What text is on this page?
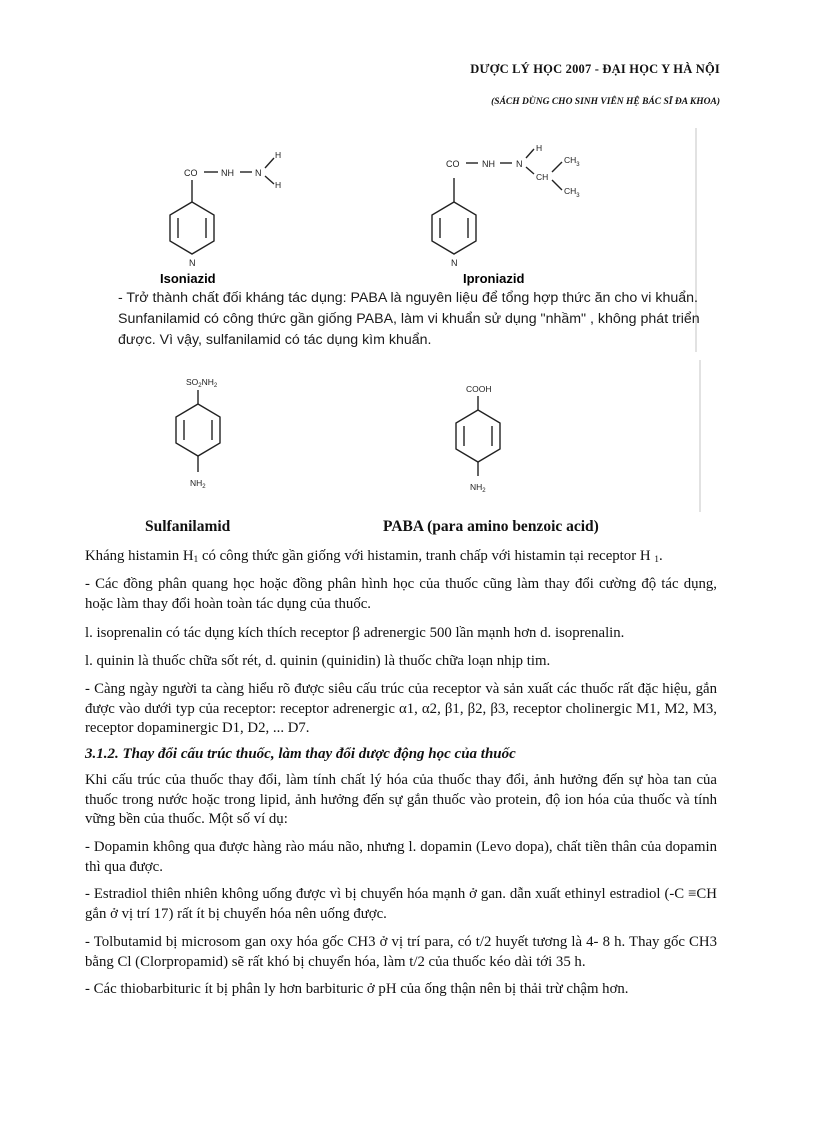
DƯỢC LÝ HỌC 2007 - ĐẠI HỌC Y HÀ NỘI
(SÁCH DÙNG CHO SINH VIÊN HỆ BÁC SĨ ĐA KHOA)
CO	NH N
H
H
N
CO	NH N
H
CH
$CH_3$
$CH_3$
N
Isoniazid	Iproniazid
- Trở thành chất đối kháng tác dụng: PABA là nguyên liệu để tổng hợp thức ăn cho vi khuẩn. Sunfanilamid có công thức gần giống PABA, làm vi khuẩn sử dụng "nhầm" , không phát triển được. Vì vậy, sulfanilamid có tác dụng kìm khuẩn.
$SO_2NH_2$
$NH_2$
COOH
$NH_2$
Sulfanilamid	PABA (para amino benzoic acid)
Kháng histamin $H_1$ có công thức gần giống với histamin, tranh chấp với histamin tại receptor H $_1$.
- Các đồng phân quang học hoặc đồng phân hình học của thuốc cũng làm thay đổi cường độ tác dụng, hoặc làm thay đổi hoàn toàn tác dụng của thuốc.
l. isoprenalin có tác dụng kích thích receptor β adrenergic 500 lần mạnh hơn d. isoprenalin.
l. quinin là thuốc chữa sốt rét, d. quinin (quinidin) là thuốc chữa loạn nhịp tim.
- Càng ngày người ta càng hiểu rõ được siêu cấu trúc của receptor và sản xuất các thuốc rất đặc hiệu, gắn được vào dưới typ của receptor: receptor adrenergic α1, α2, β1, β2, β3, receptor cholinergic M1, M2, M3, receptor dopaminergic D1, D2, ... D7.
3.1.2. Thay đổi cấu trúc thuốc, làm thay đổi dược động học của thuốc
Khi cấu trúc của thuốc thay đổi, làm tính chất lý hóa của thuốc thay đổi, ảnh hưởng đến sự hòa tan của thuốc trong nước hoặc trong lipid, ảnh hưởng đến sự gắn thuốc vào protein, độ ion hóa của thuốc và tính vững bền của thuốc. Một số ví dụ:
- Dopamin không qua được hàng rào máu não, nhưng l. dopamin (Levo dopa), chất tiền thân của dopamin thì qua được.
- Estradiol thiên nhiên không uống được vì bị chuyển hóa mạnh ở gan. dẫn xuất ethinyl estradiol (-C ≡CH gắn ở vị trí 17) rất ít bị chuyển hóa nên uống được.
- Tolbutamid bị microsom gan oxy hóa gốc CH3 ở vị trí para, có t/2 huyết tương là 4- 8 h. Thay gốc CH3 bằng Cl (Clorpropamid) sẽ rất khó bị chuyển hóa, làm t/2 của thuốc kéo dài tới 35 h.
- Các thiobarbituric ít bị phân ly hơn barbituric ở pH của ống thận nên bị thải trừ chậm hơn.
